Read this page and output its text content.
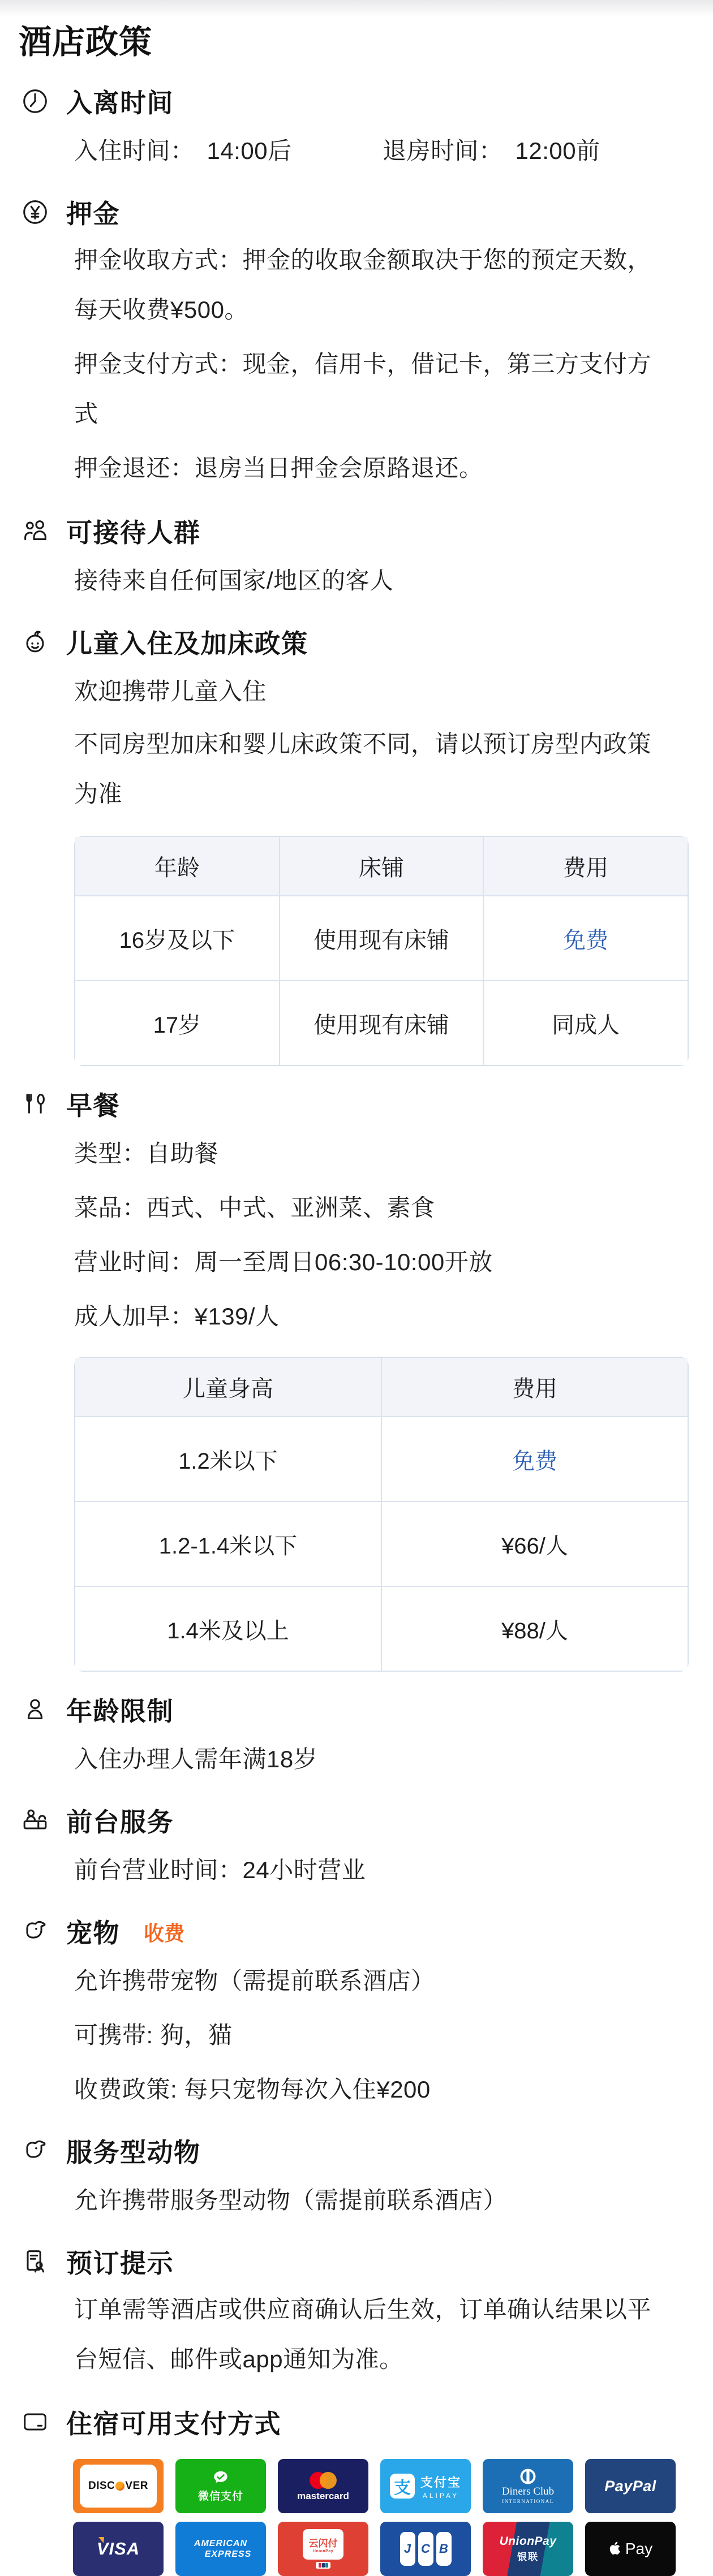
酒店政策
入离时间
入住时间： 14:00后	退房时间： 12:00前
押金

押金收取方式：押金的收取金额取决于您的预定天数，每天收费¥500。

押金支付方式：现金，信用卡，借记卡，第三方支付方式

押金退还：退房当日押金会原路退还。

可接待人群
接待来自任何国家/地区的客人
儿童入住及加床政策
欢迎携带儿童入住

不同房型加床和婴儿床政策不同，请以预订房型内政策为准

年龄	床铺	费用
16岁及以下	使用现有床铺	免费
17岁	使用现有床铺	同成人
早餐
类型：自助餐
菜品：西式、中式、亚洲菜、素食
营业时间：周一至周日06:30-10:00开放
成人加早：¥139/人
儿童身高	费用
1.2米以下	免费
1.2-1.4米以下	¥66/人
1.4米及以上	¥88/人
年龄限制
入住办理人需年满18岁
前台服务
前台营业时间：24小时营业
宠物 收费
允许携带宠物（需提前联系酒店）
可携带: 狗，猫
收费政策: 每只宠物每次入住¥200
服务型动物
允许携带服务型动物（需提前联系酒店）
预订提示

订单需等酒店或供应商确认后生效，订单确认结果以平台短信、邮件或app通知为准。

住宿可用支付方式
DISC VER
微信支付	mastercard	支 支付宝
ALIPAY	Diners Club
INTERNATIONAL
PayPal
VISA	AMERICAN
EXPRESS
云闪付
UnionPay	J C B
UnionPay
银联	Pay
